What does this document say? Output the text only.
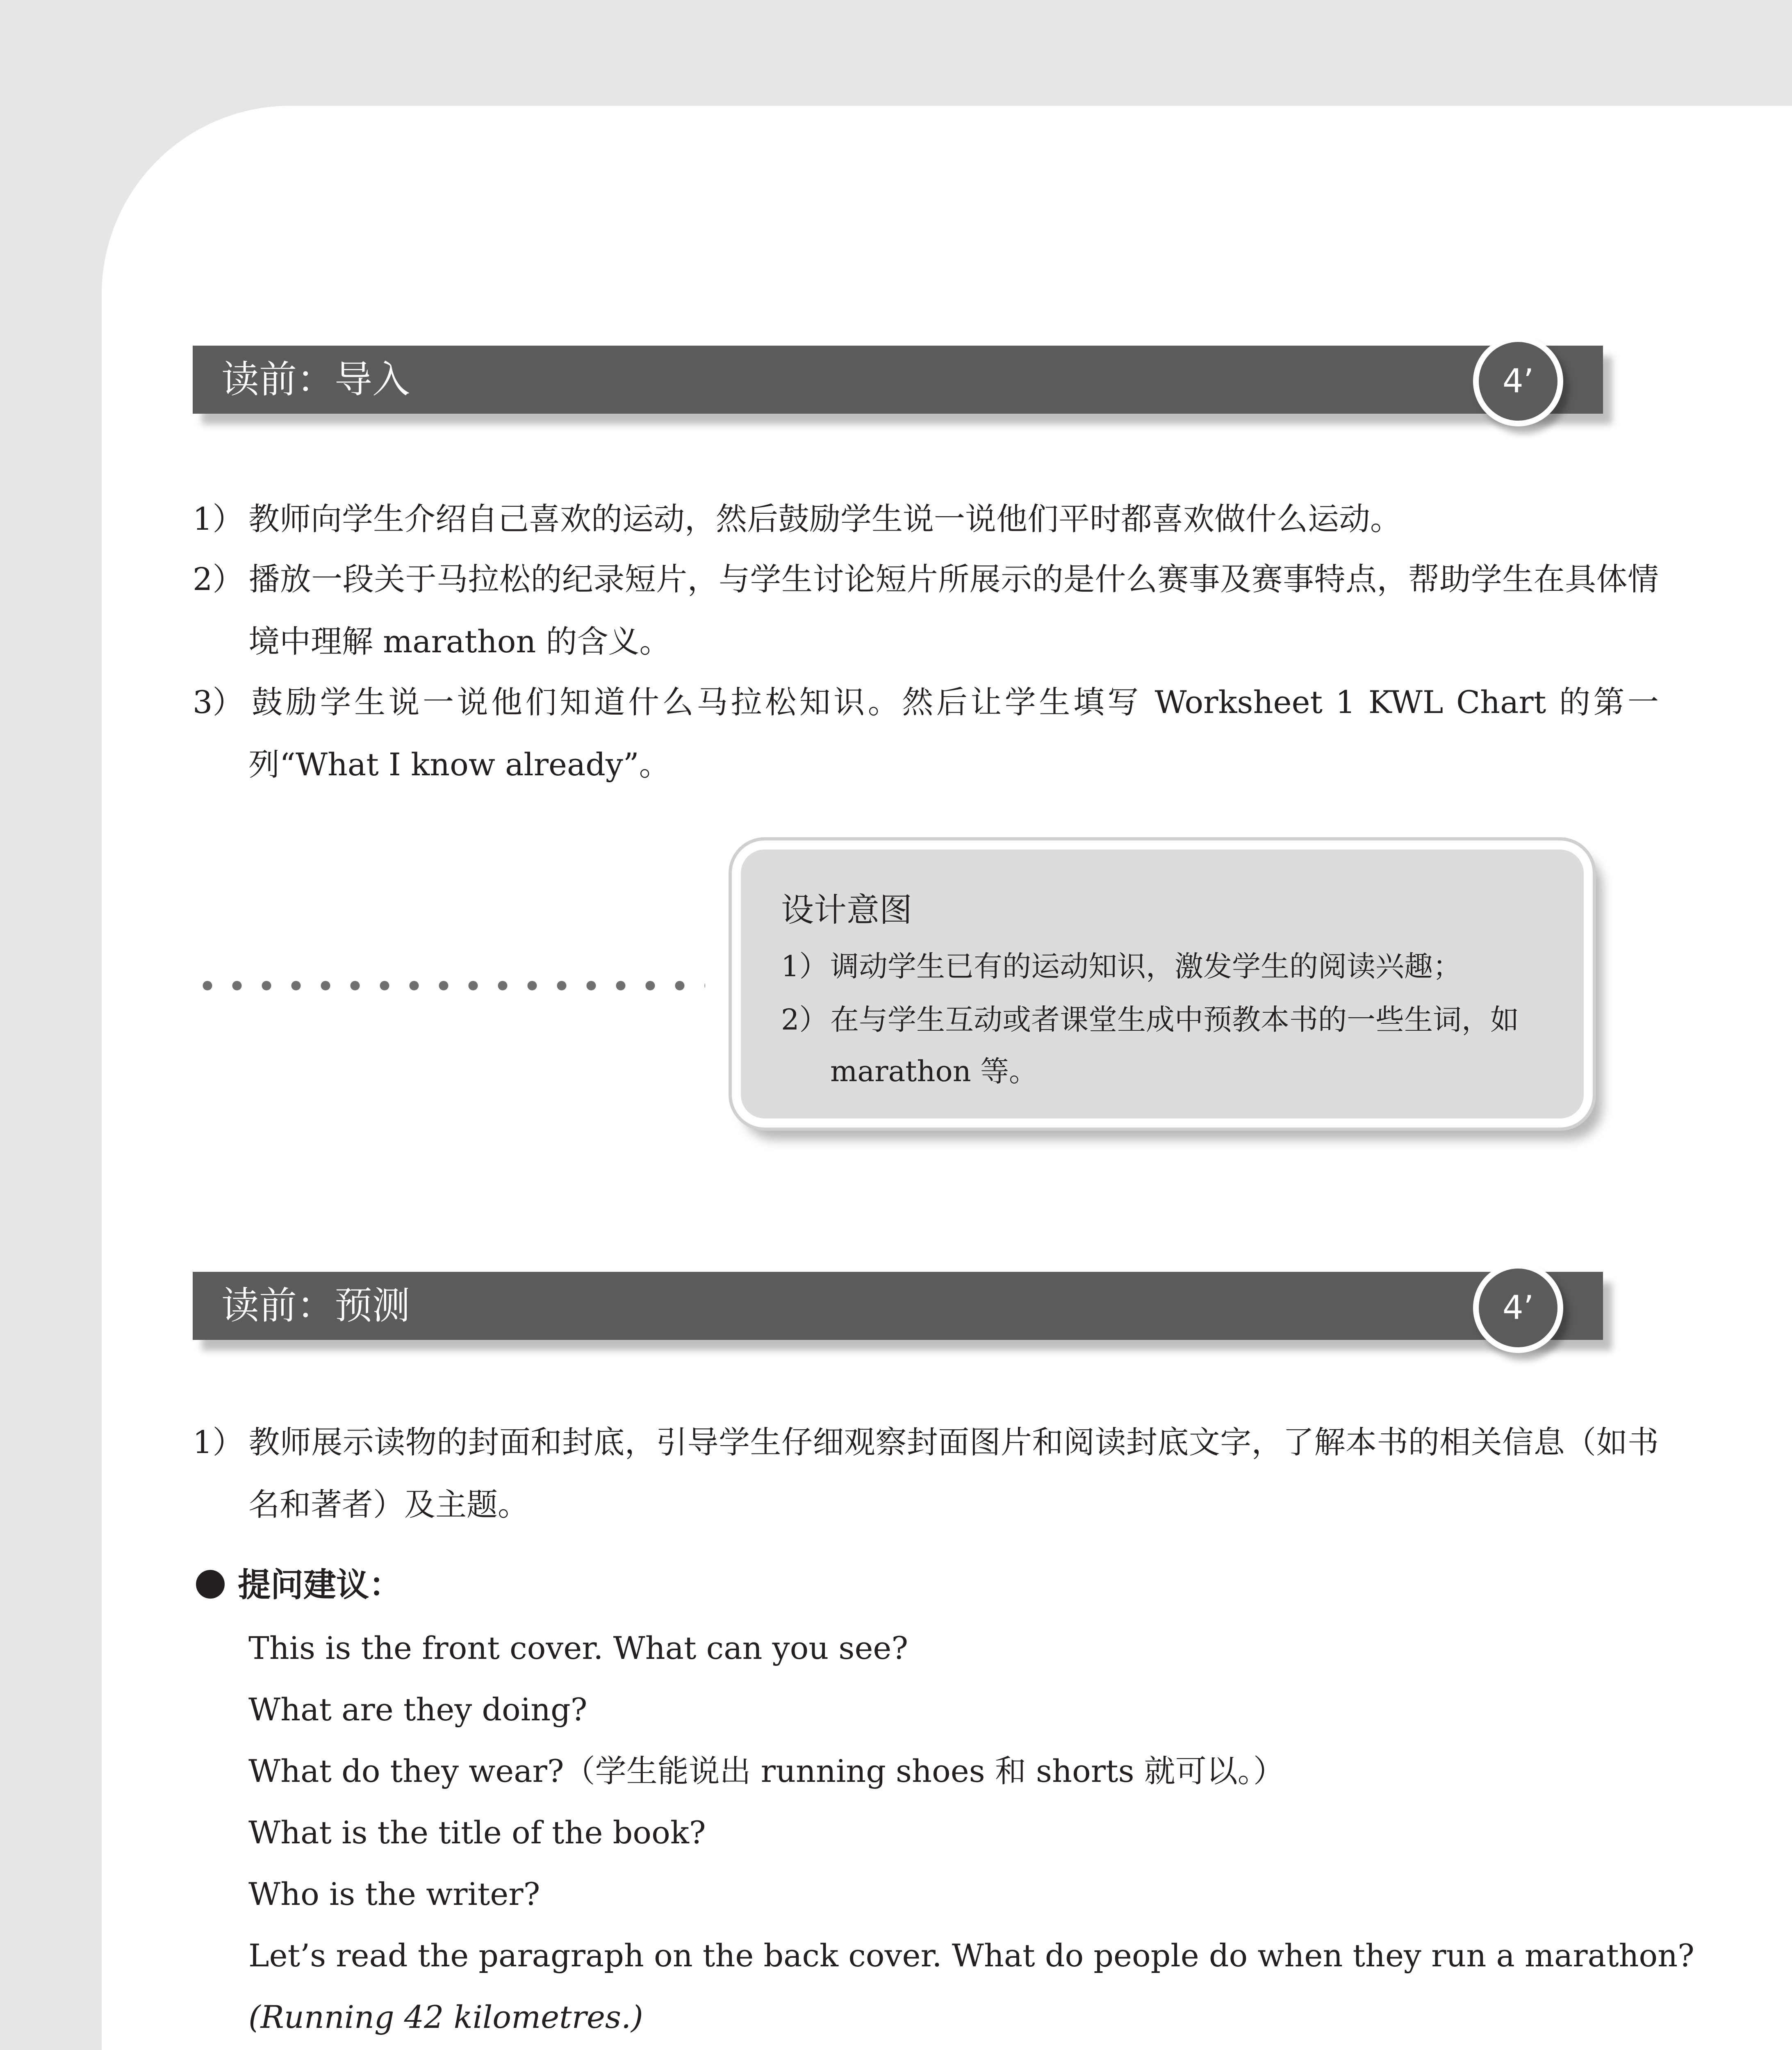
读前：导入	4’

1） 教师向学生介绍自己喜欢的运动，然后鼓励学生说一说他们平时都喜欢做什么运动。

2） 播放一段关于马拉松的纪录短片，与学生讨论短片所展示的是什么赛事及赛事特点，帮助学生在具体情境中理解 marathon 的含义。

3） 鼓励学生说一说他们知道什么马拉松知识。然后让学生填写 Worksheet 1 KWL Chart 的第一列“What I know already”。

设计意图

1）调动学生已有的运动知识，激发学生的阅读兴趣；

2）在与学生互动或者课堂生成中预教本书的一些生词，如 marathon 等。

读前：预测	4’

1） 教师展示读物的封面和封底，引导学生仔细观察封面图片和阅读封底文字，了解本书的相关信息（如书名和著者）及主题。

提问建议：

This is the front cover. What can you see?

What are they doing?

What do they wear?（学生能说出 running shoes 和 shorts 就可以。）

What is the title of the book?

Who is the writer?

Let’s read the paragraph on the back cover. What do people do when they run a marathon?

(Running 42 kilometres.)
